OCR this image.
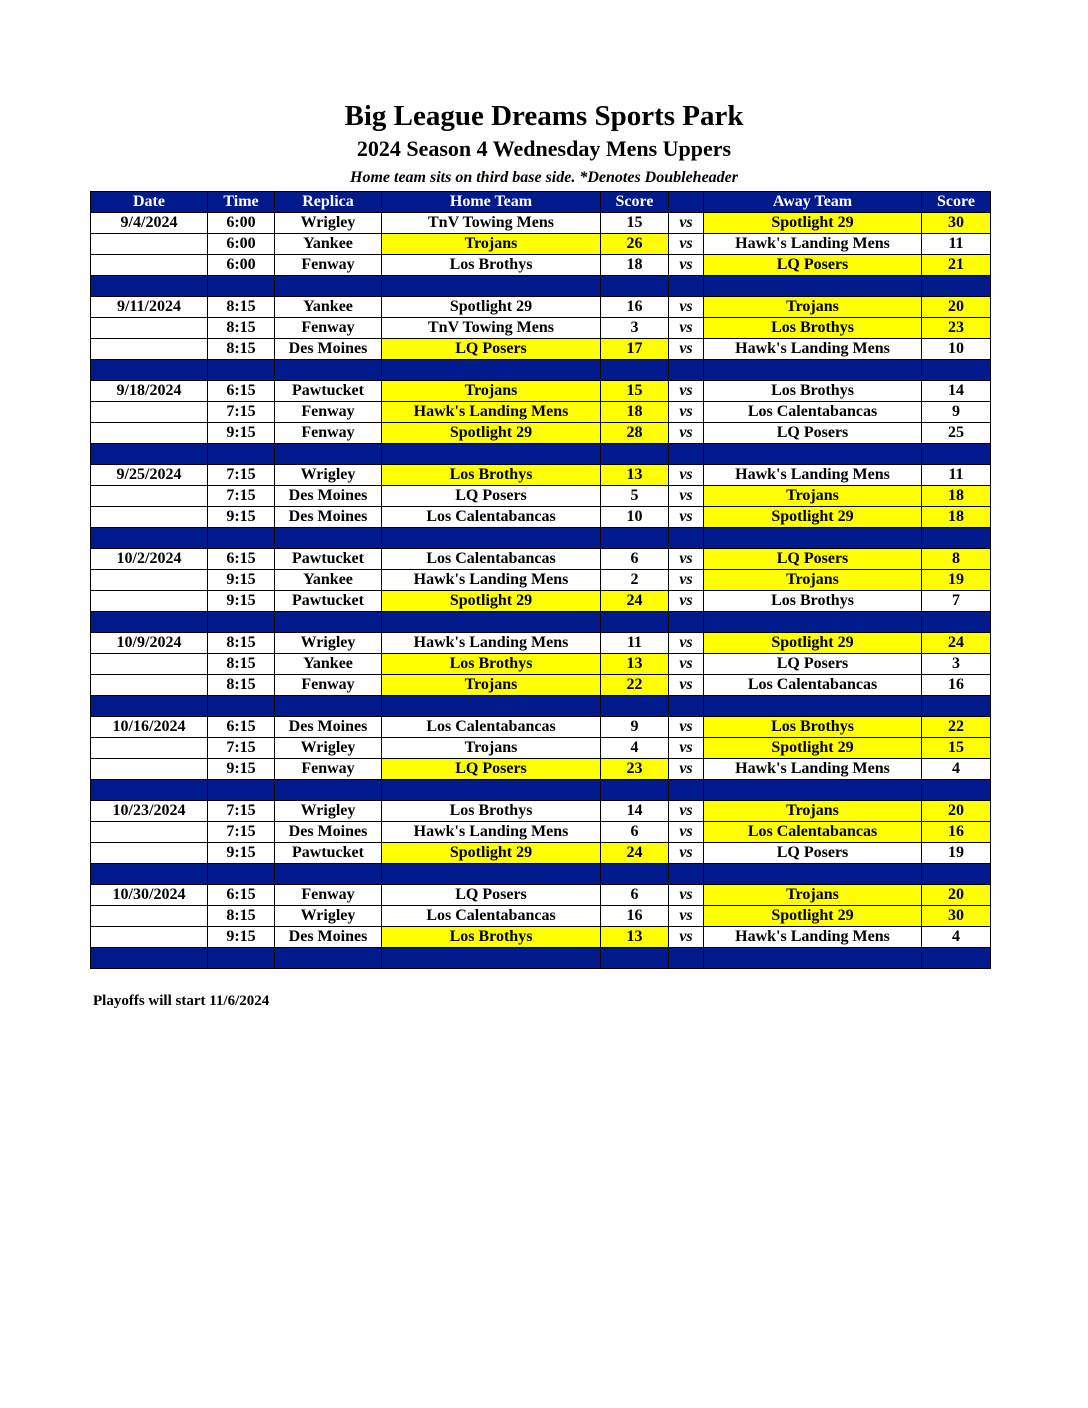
Big League Dreams Sports Park
2024 Season 4 Wednesday Mens Uppers
Home team sits on third base side. *Denotes Doubleheader
Date	Time	Replica	Home Team	Score		Away Team	Score
9/4/2024	6:00	Wrigley	TnV Towing Mens	15	vs	Spotlight 29	30
	6:00	Yankee	Trojans	26	vs	Hawk's Landing Mens	11
	6:00	Fenway	Los Brothys	18	vs	LQ Posers	21

9/11/2024	8:15	Yankee	Spotlight 29	16	vs	Trojans	20
	8:15	Fenway	TnV Towing Mens	3	vs	Los Brothys	23
	8:15	Des Moines	LQ Posers	17	vs	Hawk's Landing Mens	10

9/18/2024	6:15	Pawtucket	Trojans	15	vs	Los Brothys	14
	7:15	Fenway	Hawk's Landing Mens	18	vs	Los Calentabancas	9
	9:15	Fenway	Spotlight 29	28	vs	LQ Posers	25

9/25/2024	7:15	Wrigley	Los Brothys	13	vs	Hawk's Landing Mens	11
	7:15	Des Moines	LQ Posers	5	vs	Trojans	18
	9:15	Des Moines	Los Calentabancas	10	vs	Spotlight 29	18

10/2/2024	6:15	Pawtucket	Los Calentabancas	6	vs	LQ Posers	8
	9:15	Yankee	Hawk's Landing Mens	2	vs	Trojans	19
	9:15	Pawtucket	Spotlight 29	24	vs	Los Brothys	7

10/9/2024	8:15	Wrigley	Hawk's Landing Mens	11	vs	Spotlight 29	24
	8:15	Yankee	Los Brothys	13	vs	LQ Posers	3
	8:15	Fenway	Trojans	22	vs	Los Calentabancas	16

10/16/2024	6:15	Des Moines	Los Calentabancas	9	vs	Los Brothys	22
	7:15	Wrigley	Trojans	4	vs	Spotlight 29	15
	9:15	Fenway	LQ Posers	23	vs	Hawk's Landing Mens	4

10/23/2024	7:15	Wrigley	Los Brothys	14	vs	Trojans	20
	7:15	Des Moines	Hawk's Landing Mens	6	vs	Los Calentabancas	16
	9:15	Pawtucket	Spotlight 29	24	vs	LQ Posers	19

10/30/2024	6:15	Fenway	LQ Posers	6	vs	Trojans	20
	8:15	Wrigley	Los Calentabancas	16	vs	Spotlight 29	30
	9:15	Des Moines	Los Brothys	13	vs	Hawk's Landing Mens	4

Playoffs will start 11/6/2024
